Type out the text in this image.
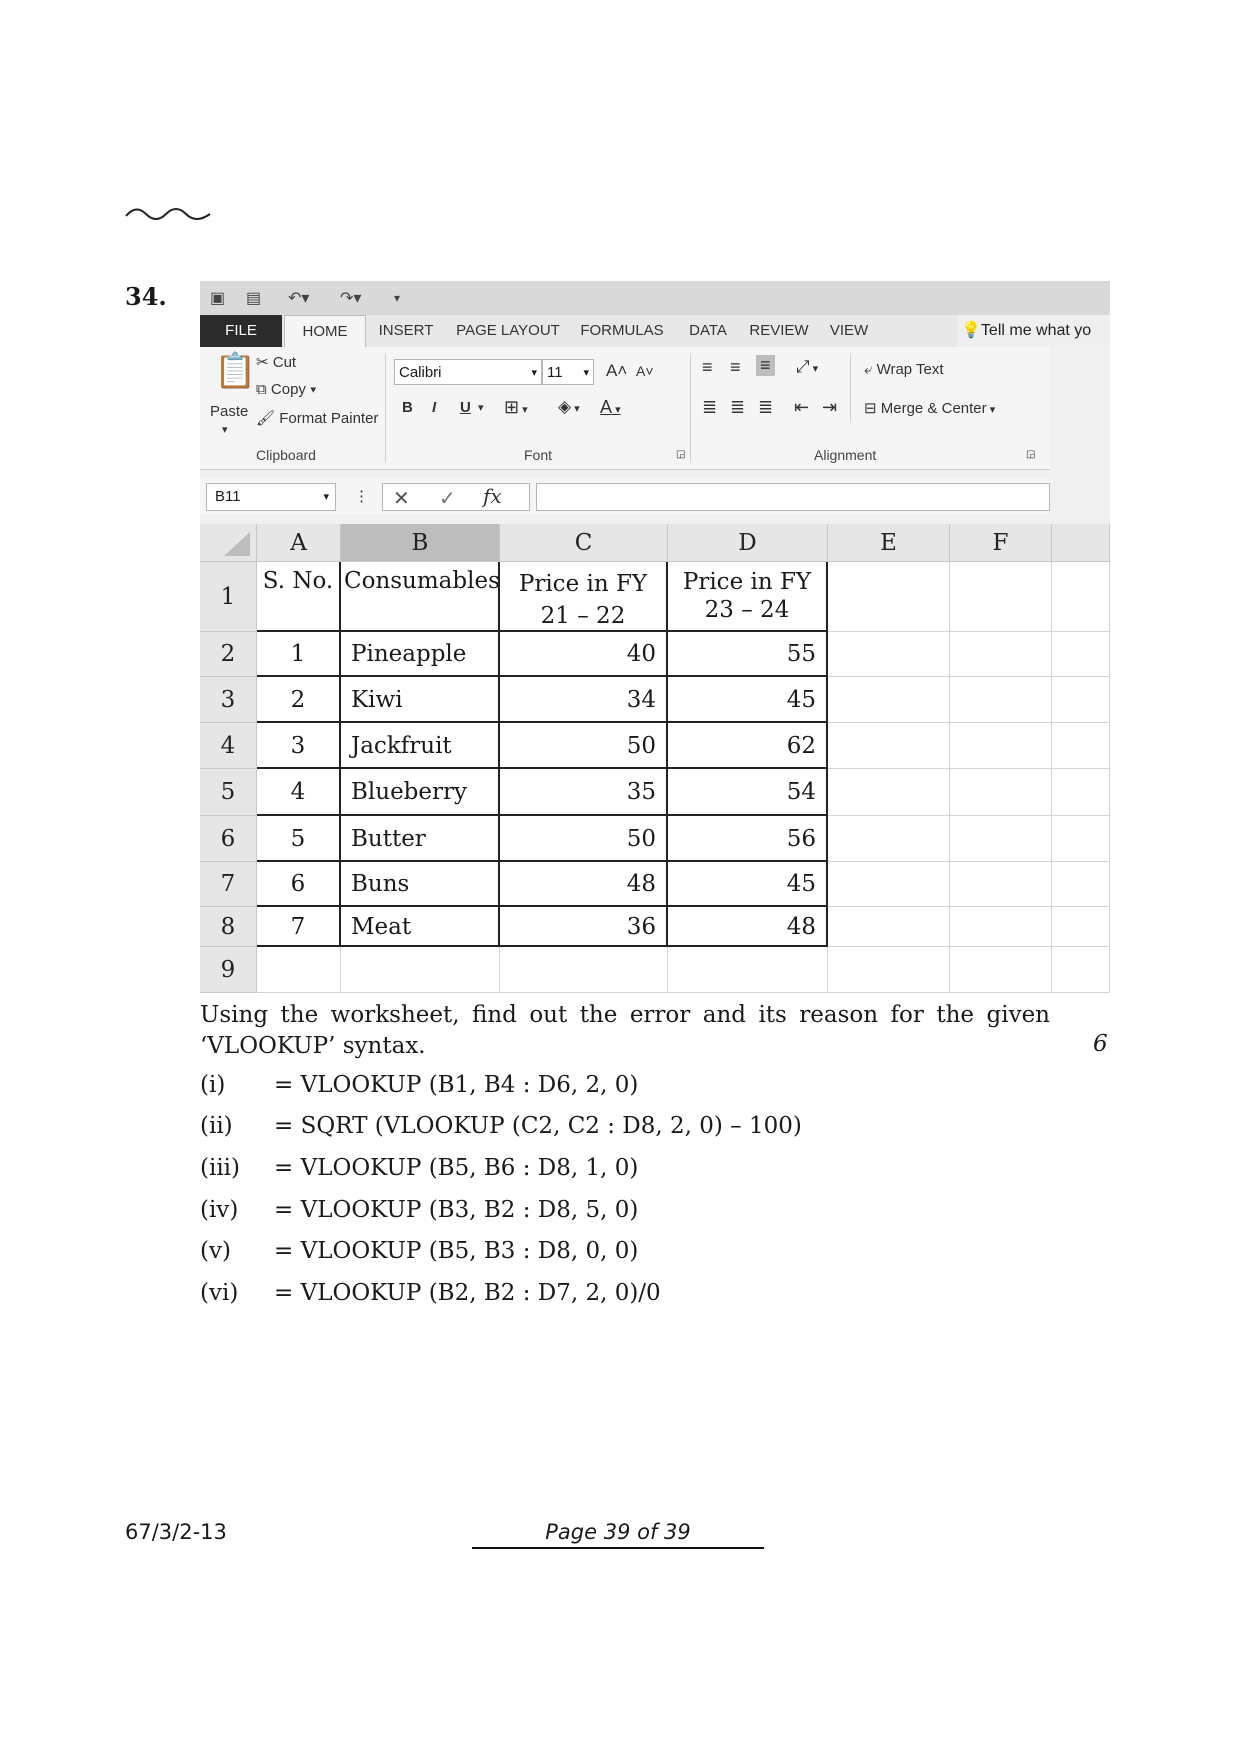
34.	▣ ▤ ↶▾ ↷▾	▾
FILE	HOME	INSERT	PAGE LAYOUT	FORMULAS	DATA	REVIEW	VIEW	💡Tell me what yo
📋
Paste
▾
✂ Cut
⧉ Copy ▾
🖌 Format Painter
Clipboard
Calibri	▾ 11 ▾ A˄ A˅
B I U ▾ ⊞ ▾ ◈ ▾ A ▾
Font	◲
≡ ≡ ≡ ⤢ ▾
≣ ≣ ≣ ⇤ ⇥
⤶ Wrap Text
⊟ Merge & Center ▾
Alignment	◲
B11	▾ ⋮ ✕ ✓ fx
A	B	C	D	E	F
1
2
3
4
5
6
7
8
9
S. No. Consumables Price in FY
21 – 22
Price in FY
23 – 24
1	Pineapple	40	55
2	Kiwi	34	45
3	Jackfruit	50	62
4	Blueberry	35	54
5	Butter	50	56
6	Buns	48	45
7	Meat	36	48
Using the worksheet, find out the error and its reason for the given
‘VLOOKUP’ syntax.	6
(i) = VLOOKUP (B1, B4 : D6, 2, 0)
(ii) = SQRT (VLOOKUP (C2, C2 : D8, 2, 0) – 100)
(iii) = VLOOKUP (B5, B6 : D8, 1, 0)
(iv) = VLOOKUP (B3, B2 : D8, 5, 0)
(v) = VLOOKUP (B5, B3 : D8, 0, 0)
(vi) = VLOOKUP (B2, B2 : D7, 2, 0)/0
67/3/2-13	Page 39 of 39
